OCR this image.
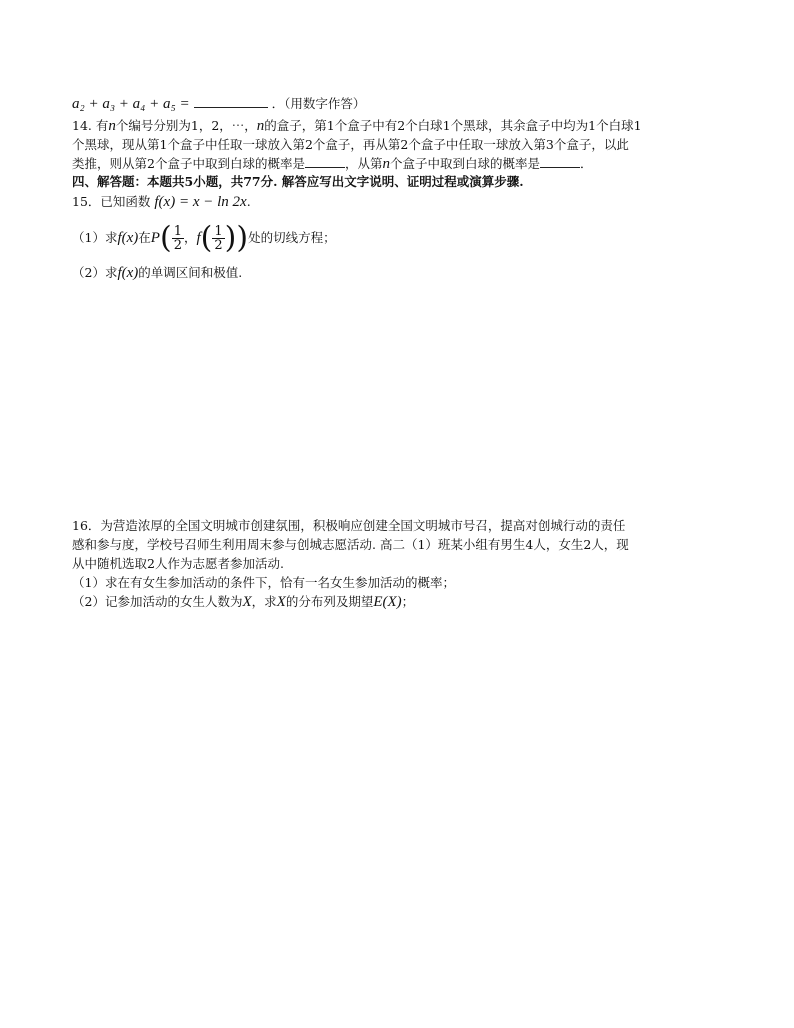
a₂ + a₃ + a₄ + a₅ =	．（用数字作答）
14. 有n个编号分别为1，2，⋯，n的盒子，第1个盒子中有2个白球1个黑球，其余盒子中均为1个白球1
个黑球，现从第1个盒子中任取一球放入第2个盒子，再从第2个盒子中任取一球放入第3个盒子，以此
类推，则从第2个盒子中取到白球的概率是	，从第n个盒子中取到白球的概率是	．
四、解答题：本题共5小题，共77分. 解答应写出文字说明、证明过程或演算步骤.
15．已知函数 f(x) = x − ln 2x.
（1）求f(x)在$P( \frac{1}{2}$ ，$f( \frac{1}{2}$ ))处的切线方程；
（2）求f(x)的单调区间和极值.
16．为营造浓厚的全国文明城市创建氛围，积极响应创建全国文明城市号召，提高对创城行动的责任
感和参与度，学校号召师生利用周末参与创城志愿活动. 高二（1）班某小组有男生4人，女生2人，现
从中随机选取2人作为志愿者参加活动.
（1）求在有女生参加活动的条件下，恰有一名女生参加活动的概率；
（2）记参加活动的女生人数为X，求X的分布列及期望E(X)；
